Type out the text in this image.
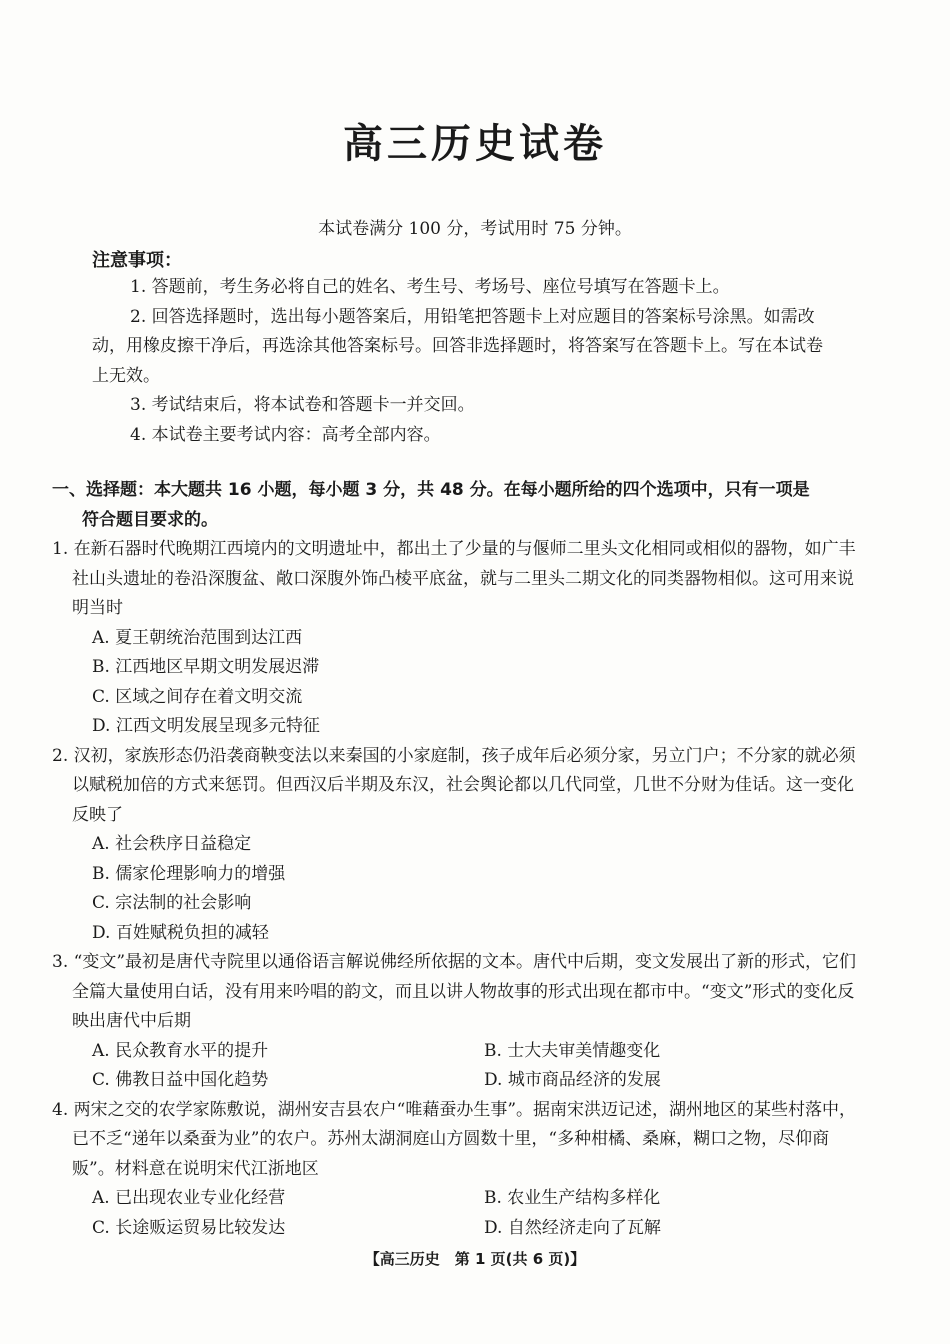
高三历史试卷
本试卷满分 100 分，考试用时 75 分钟。
注意事项：

1. 答题前，考生务必将自己的姓名、考生号、考场号、座位号填写在答题卡上。

2. 回答选择题时，选出每小题答案后，用铅笔把答题卡上对应题目的答案标号涂黑。如需改动，用橡皮擦干净后，再选涂其他答案标号。回答非选择题时，将答案写在答题卡上。写在本试卷上无效。

3. 考试结束后，将本试卷和答题卡一并交回。

4. 本试卷主要考试内容：高考全部内容。

一、选择题：本大题共 16 小题，每小题 3 分，共 48 分。在每小题所给的四个选项中，只有一项是
符合题目要求的。
1. 在新石器时代晚期江西境内的文明遗址中，都出土了少量的与偃师二里头文化相同或相似的器物，如广丰社山头遗址的卷沿深腹盆、敞口深腹外饰凸棱平底盆，就与二里头二期文化的同类器物相似。这可用来说明当时
A. 夏王朝统治范围到达江西
B. 江西地区早期文明发展迟滞
C. 区域之间存在着文明交流
D. 江西文明发展呈现多元特征
2. 汉初，家族形态仍沿袭商鞅变法以来秦国的小家庭制，孩子成年后必须分家，另立门户；不分家的就必须以赋税加倍的方式来惩罚。但西汉后半期及东汉，社会舆论都以几代同堂，几世不分财为佳话。这一变化反映了
A. 社会秩序日益稳定
B. 儒家伦理影响力的增强
C. 宗法制的社会影响
D. 百姓赋税负担的减轻
3. “变文”最初是唐代寺院里以通俗语言解说佛经所依据的文本。唐代中后期，变文发展出了新的形式，它们全篇大量使用白话，没有用来吟唱的韵文，而且以讲人物故事的形式出现在都市中。“变文”形式的变化反映出唐代中后期
A. 民众教育水平的提升	B. 士大夫审美情趣变化
C. 佛教日益中国化趋势	D. 城市商品经济的发展
4. 两宋之交的农学家陈敷说，湖州安吉县农户“唯藉蚕办生事”。据南宋洪迈记述，湖州地区的某些村落中，已不乏“递年以桑蚕为业”的农户。苏州太湖洞庭山方圆数十里，“多种柑橘、桑麻，糊口之物，尽仰商贩”。材料意在说明宋代江浙地区
A. 已出现农业专业化经营	B. 农业生产结构多样化
C. 长途贩运贸易比较发达	D. 自然经济走向了瓦解
【高三历史　第 1 页(共 6 页)】
